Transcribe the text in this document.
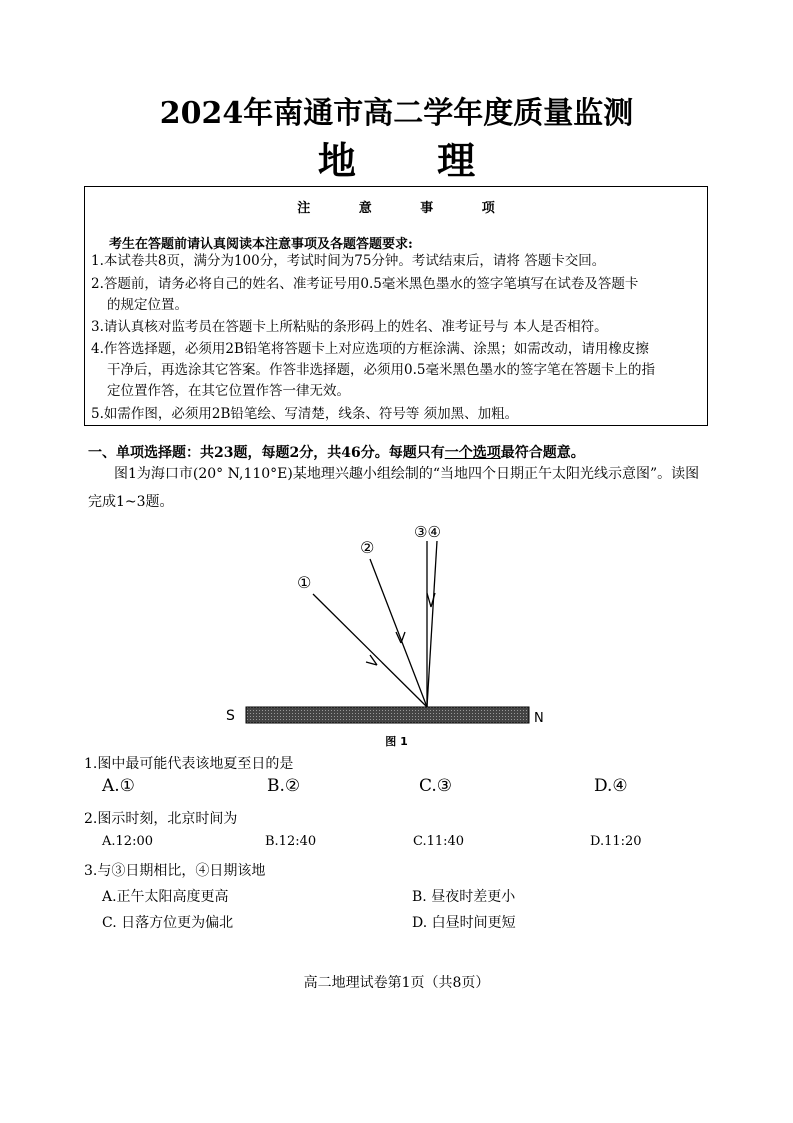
2024年南通市高二学年度质量监测
地 理
注 意 事 项
考生在答题前请认真阅读本注意事项及各题答题要求:
1.本试卷共8页，满分为100分，考试时间为75分钟。考试结束后，请将 答题卡交回。
2.答题前，请务必将自己的姓名、准考证号用0.5毫米黑色墨水的签字笔填写在试卷及答题卡
的规定位置。
3.请认真核对监考员在答题卡上所粘贴的条形码上的姓名、准考证号与 本人是否相符。
4.作答选择题，必须用2B铅笔将答题卡上对应选项的方框涂满、涂黑；如需改动，请用橡皮擦
干净后，再选涂其它答案。作答非选择题，必须用0.5毫米黑色墨水的签字笔在答题卡上的指
定位置作答，在其它位置作答一律无效。
5.如需作图，必须用2B铅笔绘、写清楚，线条、符号等 须加黑、加粗。
一、单项选择题：共23题，每题2分，共46分。每题只有一个选项最符合题意。
图1为海口市(20° N,110°E)某地理兴趣小组绘制的“当地四个日期正午太阳光线示意图”。读图完成1~3题。
S	N
①
②
③④
图 1
1.图中最可能代表该地夏至日的是
A.①	B.②	C.③	D.④
2.图示时刻，北京时间为
A.12:00	B.12:40	C.11:40	D.11:20
3.与③日期相比，④日期该地
A.正午太阳高度更高	B. 昼夜时差更小
C. 日落方位更为偏北	D. 白昼时间更短
高二地理试卷第1页（共8页）
